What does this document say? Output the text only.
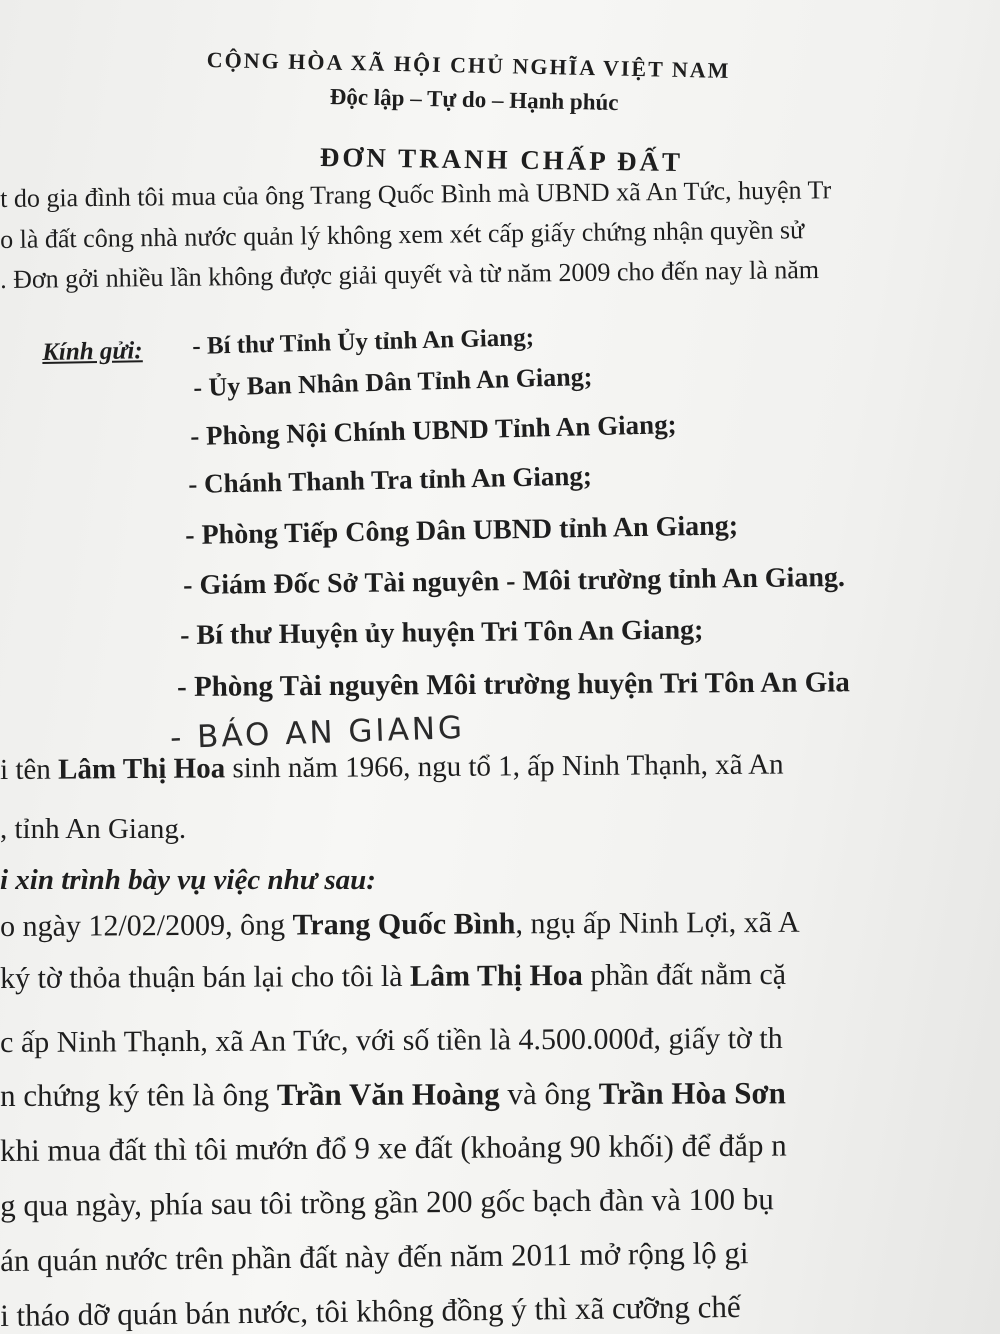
CỘNG HÒA XÃ HỘI CHỦ NGHĨA VIỆT NAM
Độc lập – Tự do – Hạnh phúc
ĐƠN TRANH CHẤP ĐẤT
t do gia đình tôi mua của ông Trang Quốc Bình mà UBND xã An Tức, huyện Tr
o là đất công nhà nước quản lý không xem xét cấp giấy chứng nhận quyền sử
. Đơn gởi nhiều lần không được giải quyết và từ năm 2009 cho đến nay là năm
Kính gửi: - Bí thư Tỉnh Ủy tỉnh An Giang;
- Ủy Ban Nhân Dân Tỉnh An Giang;
- Phòng Nội Chính UBND Tỉnh An Giang;
- Chánh Thanh Tra tỉnh An Giang;
- Phòng Tiếp Công Dân UBND tỉnh An Giang;
- Giám Đốc Sở Tài nguyên - Môi trường tỉnh An Giang.
- Bí thư Huyện ủy huyện Tri Tôn An Giang;
- Phòng Tài nguyên Môi trường huyện Tri Tôn An Gia
- BÁO AN GIANG
i tên Lâm Thị Hoa sinh năm 1966, ngu tổ 1, ấp Ninh Thạnh, xã An
, tỉnh An Giang.
i xin trình bày vụ việc như sau:
o ngày 12/02/2009, ông Trang Quốc Bình, ngụ ấp Ninh Lợi, xã A
ký tờ thỏa thuận bán lại cho tôi là Lâm Thị Hoa phần đất nằm cặ
c ấp Ninh Thạnh, xã An Tức, với số tiền là 4.500.000đ, giấy tờ th
n chứng ký tên là ông Trần Văn Hoàng và ông Trần Hòa Sơn
khi mua đất thì tôi mướn đổ 9 xe đất (khoảng 90 khối) để đắp n
g qua ngày, phía sau tôi trồng gần 200 gốc bạch đàn và 100 bụ
án quán nước trên phần đất này đến năm 2011 mở rộng lộ gi
i tháo dỡ quán bán nước, tôi không đồng ý thì xã cưỡng chế
